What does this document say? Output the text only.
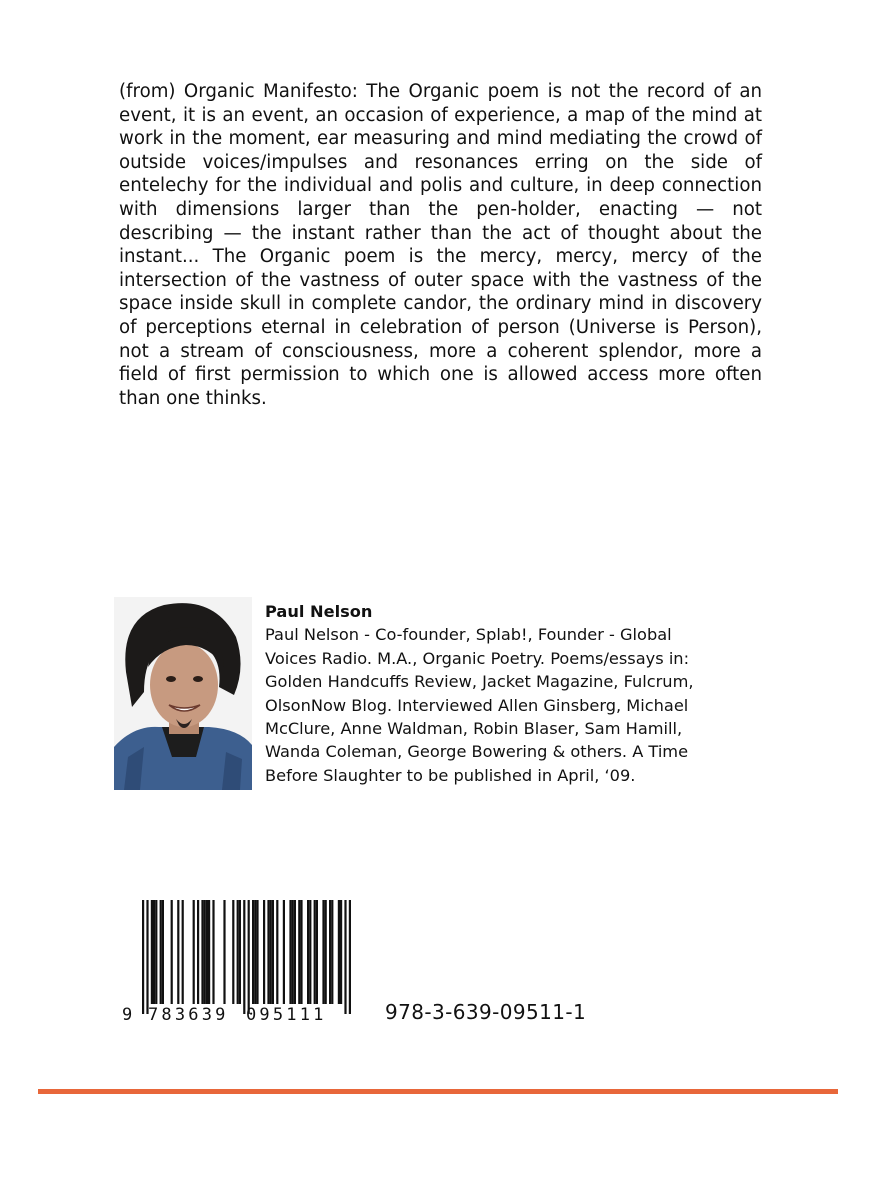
(from) Organic Manifesto: The Organic poem is not the record of an event, it is an event, an occasion of experience, a map of the mind at work in the moment, ear measuring and mind mediating the crowd of outside voices/impulses and resonances erring on the side of entelechy for the individual and polis and culture, in deep connection with dimensions larger than the pen-holder, enacting — not describing — the instant rather than the act of thought about the instant... The Organic poem is the mercy, mercy, mercy of the intersection of the vastness of outer space with the vastness of the space inside skull in complete candor, the ordinary mind in discovery of perceptions eternal in celebration of person (Universe is Person), not a stream of consciousness, more a coherent splendor, more a field of first permission to which one is allowed access more often than one thinks.

Paul Nelson

Paul Nelson - Co-founder, Splab!, Founder - Global Voices Radio. M.A., Organic Poetry. Poems/essays in: Golden Handcuffs Review, Jacket Magazine, Fulcrum, OlsonNow Blog. Interviewed Allen Ginsberg, Michael McClure, Anne Waldman, Robin Blaser, Sam Hamill, Wanda Coleman, George Bowering & others. A Time Before Slaughter to be published in April, ‘09.

9 783639 095111	978-3-639-09511-1
